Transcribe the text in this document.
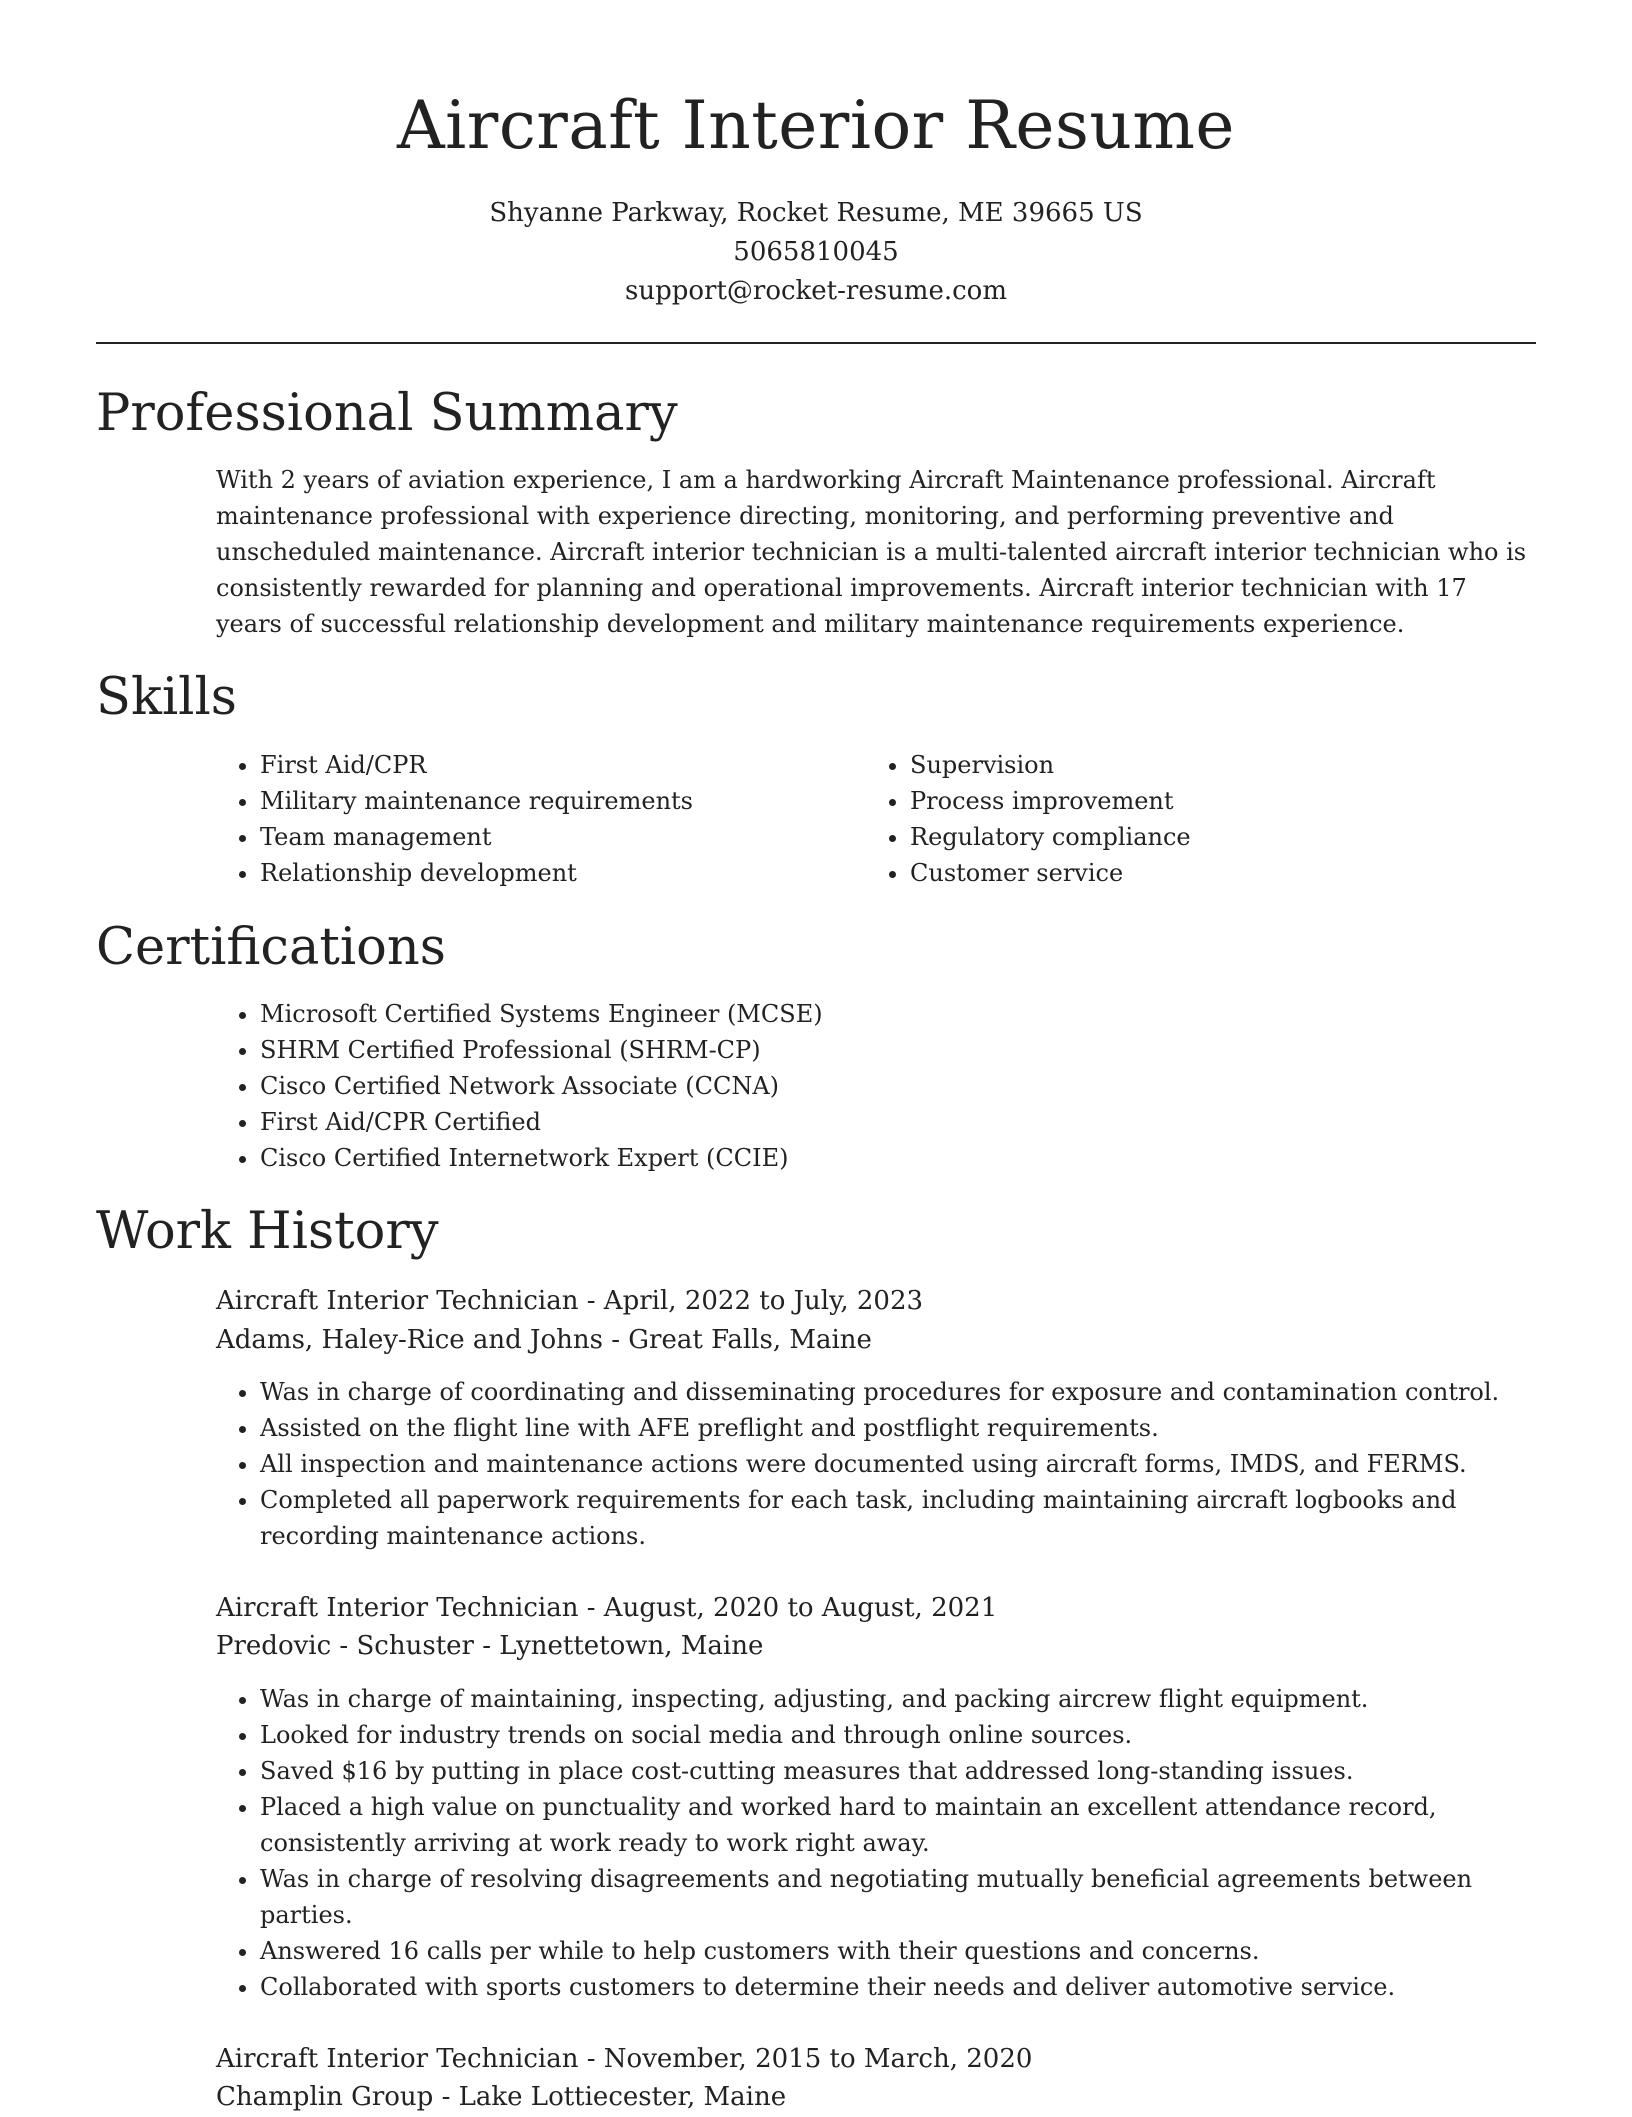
Aircraft Interior Resume
Shyanne Parkway, Rocket Resume, ME 39665 US
5065810045
support@rocket-resume.com
Professional Summary
With 2 years of aviation experience, I am a hardworking Aircraft Maintenance professional. Aircraft maintenance professional with experience directing, monitoring, and performing preventive and unscheduled maintenance. Aircraft interior technician is a multi-talented aircraft interior technician who is consistently rewarded for planning and operational improvements. Aircraft interior technician with 17 years of successful relationship development and military maintenance requirements experience.
Skills
• First Aid/CPR
• Military maintenance requirements
• Team management
• Relationship development
• Supervision
• Process improvement
• Regulatory compliance
• Customer service
Certifications
• Microsoft Certified Systems Engineer (MCSE)
• SHRM Certified Professional (SHRM-CP)
• Cisco Certified Network Associate (CCNA)
• First Aid/CPR Certified
• Cisco Certified Internetwork Expert (CCIE)
Work History
Aircraft Interior Technician - April, 2022 to July, 2023
Adams, Haley-Rice and Johns - Great Falls, Maine
• Was in charge of coordinating and disseminating procedures for exposure and contamination control.
• Assisted on the flight line with AFE preflight and postflight requirements.
• All inspection and maintenance actions were documented using aircraft forms, IMDS, and FERMS.
• Completed all paperwork requirements for each task, including maintaining aircraft logbooks and recording maintenance actions.
Aircraft Interior Technician - August, 2020 to August, 2021
Predovic - Schuster - Lynettetown, Maine
• Was in charge of maintaining, inspecting, adjusting, and packing aircrew flight equipment.
• Looked for industry trends on social media and through online sources.
• Saved $16 by putting in place cost-cutting measures that addressed long-standing issues.
• Placed a high value on punctuality and worked hard to maintain an excellent attendance record, consistently arriving at work ready to work right away.
• Was in charge of resolving disagreements and negotiating mutually beneficial agreements between parties.
• Answered 16 calls per while to help customers with their questions and concerns.
• Collaborated with sports customers to determine their needs and deliver automotive service.
Aircraft Interior Technician - November, 2015 to March, 2020
Champlin Group - Lake Lottiecester, Maine
